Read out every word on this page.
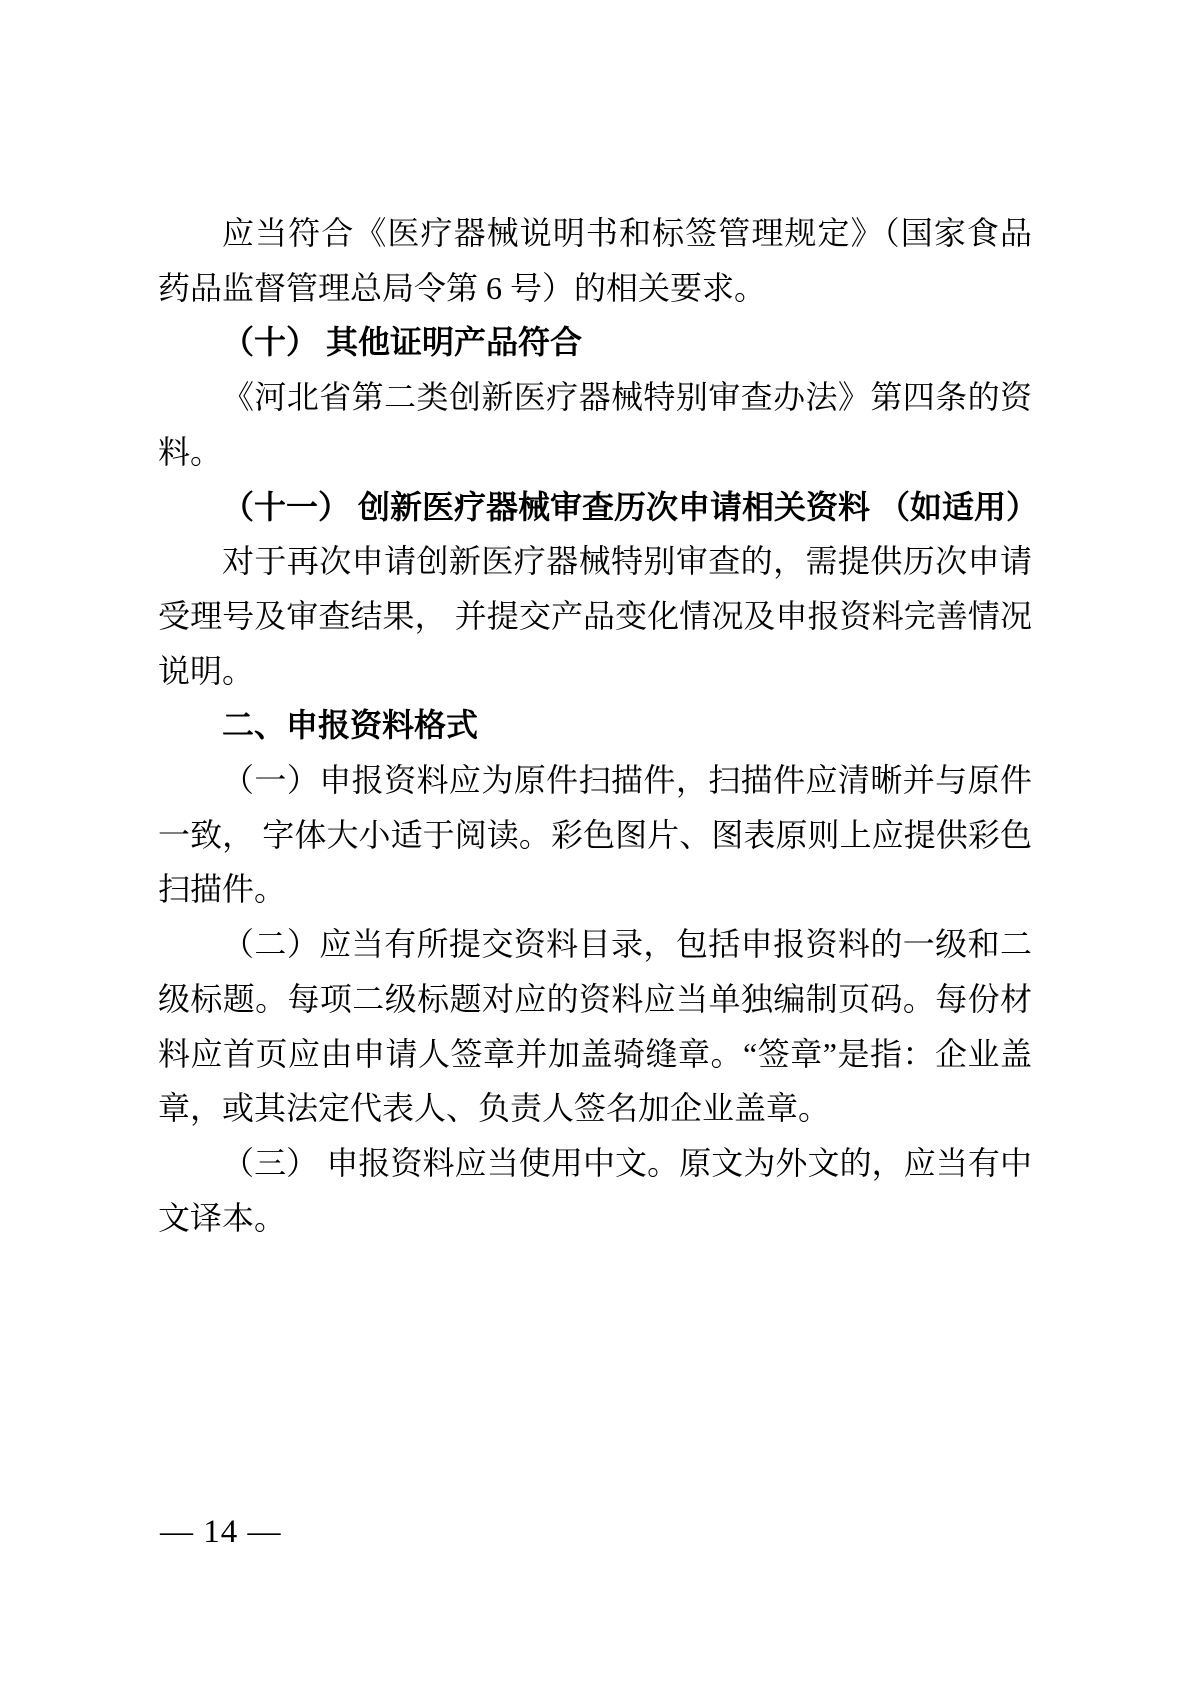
应当符合《医疗器械说明书和标签管理规定》（国家食品药品监督管理总局令第 6 号）的相关要求。

（十） 其他证明产品符合

《河北省第二类创新医疗器械特别审查办法》第四条的资料。

（十一） 创新医疗器械审查历次申请相关资料 （如适用）

对于再次申请创新医疗器械特别审查的，需提供历次申请受理号及审查结果， 并提交产品变化情况及申报资料完善情况说明。

二、申报资料格式

（一）申报资料应为原件扫描件，扫描件应清晰并与原件一致， 字体大小适于阅读。彩色图片、图表原则上应提供彩色扫描件。

（二）应当有所提交资料目录，包括申报资料的一级和二级标题。每项二级标题对应的资料应当单独编制页码。每份材料应首页应由申请人签章并加盖骑缝章。“签章”是指：企业盖章，或其法定代表人、负责人签名加企业盖章。

（三） 申报资料应当使用中文。原文为外文的，应当有中文译本。

— 14 —
